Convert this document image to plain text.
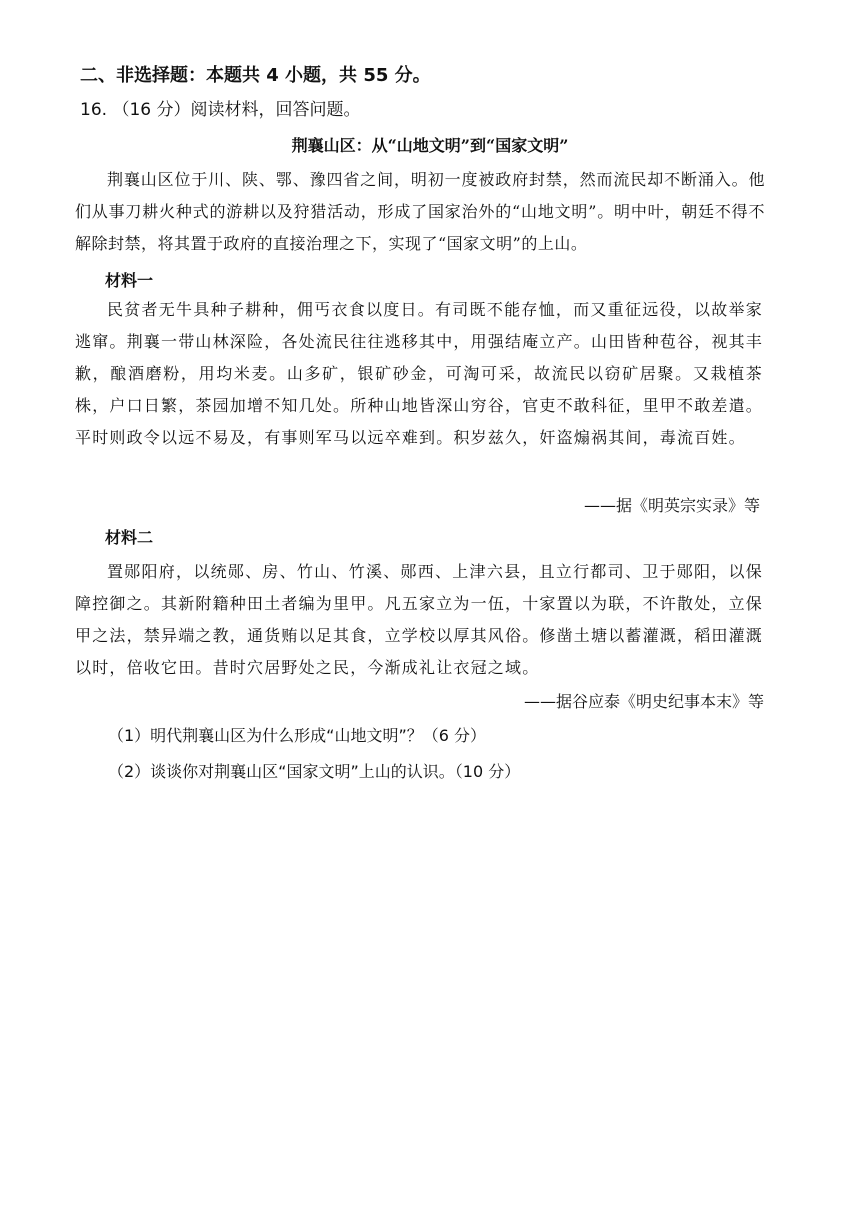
二、非选择题：本题共 4 小题，共 55 分。
16. （16 分）阅读材料，回答问题。
荆襄山区：从“山地文明”到“国家文明”
荆襄山区位于川、陕、鄂、豫四省之间，明初一度被政府封禁，然而流民却不断涌入。他们从事刀耕火种式的游耕以及狩猎活动，形成了国家治外的“山地文明”。明中叶，朝廷不得不解除封禁，将其置于政府的直接治理之下，实现了“国家文明”的上山。
材料一
民贫者无牛具种子耕种，佣丐衣食以度日。有司既不能存恤，而又重征远役，以故举家逃窜。荆襄一带山林深险，各处流民往往逃移其中，用强结庵立产。山田皆种苞谷，视其丰歉，酿酒磨粉，用均米麦。山多矿，银矿砂金，可淘可采，故流民以窃矿居聚。又栽植茶株，户口日繁，茶园加增不知几处。所种山地皆深山穷谷，官吏不敢科征，里甲不敢差遣。平时则政令以远不易及，有事则军马以远卒难到。积岁兹久，奸盗煽祸其间，毒流百姓。
——据《明英宗实录》等
材料二
置郧阳府，以统郧、房、竹山、竹溪、郧西、上津六县，且立行都司、卫于郧阳，以保障控御之。其新附籍种田土者编为里甲。凡五家立为一伍，十家置以为联，不许散处，立保甲之法，禁异端之教，通货贿以足其食，立学校以厚其风俗。修凿土塘以蓄灌溉，稻田灌溉以时，倍收它田。昔时穴居野处之民，今渐成礼让衣冠之域。
——据谷应泰《明史纪事本末》等
（1）明代荆襄山区为什么形成“山地文明”？（6 分）
（2）谈谈你对荆襄山区“国家文明”上山的认识。（10 分）
